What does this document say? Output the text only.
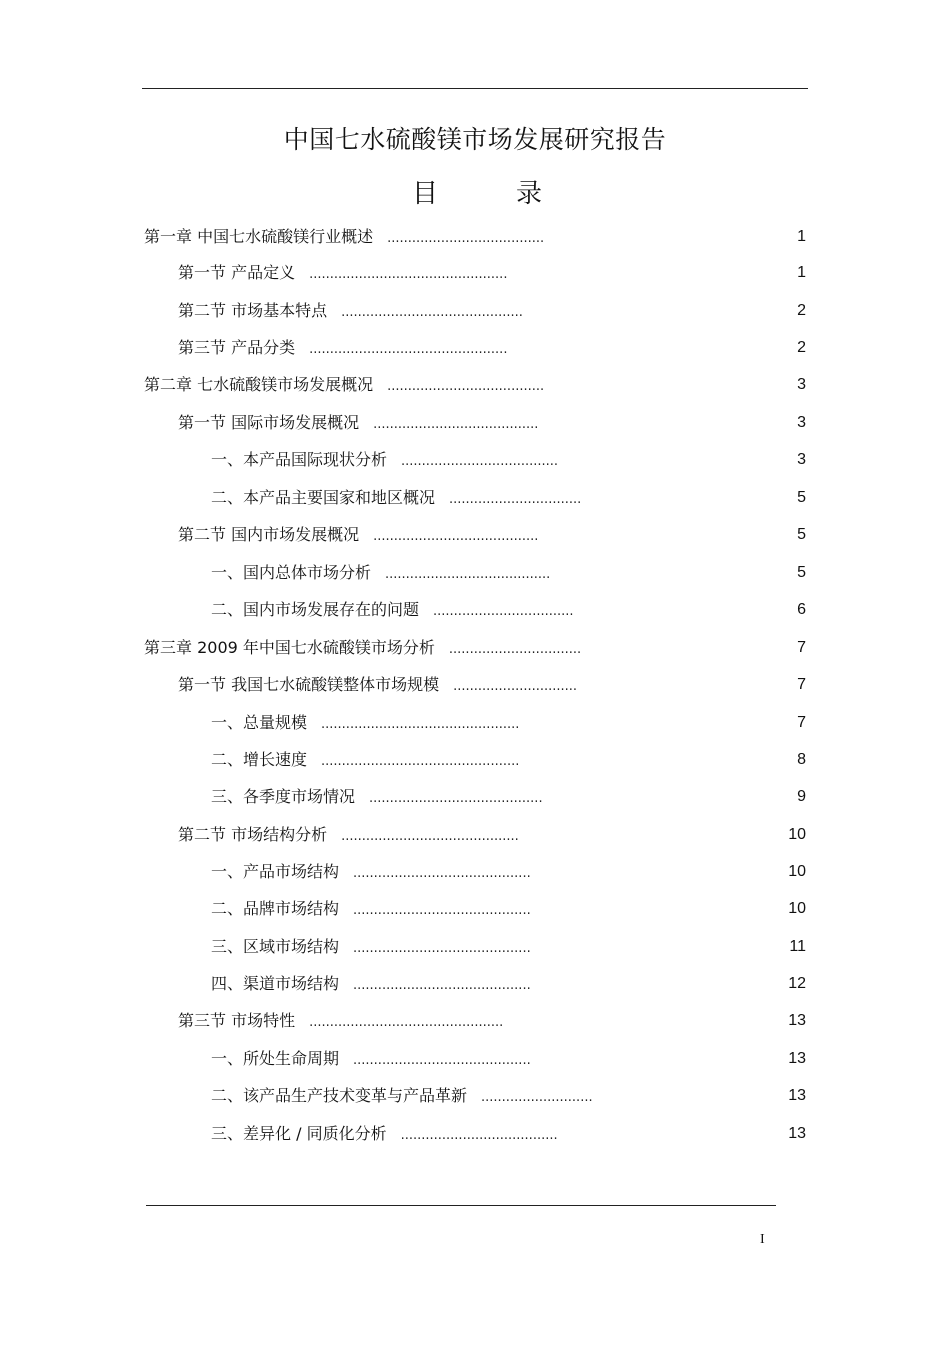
中国七水硫酸镁市场发展研究报告
目	录
第一章 中国七水硫酸镁行业概述 ......................................	1
第一节 产品定义 ................................................	1
第二节 市场基本特点 ............................................	2
第三节 产品分类 ................................................	2
第二章 七水硫酸镁市场发展概况 ......................................	3
第一节 国际市场发展概况 ........................................	3
一、本产品国际现状分析 ......................................	3
二、本产品主要国家和地区概况 ................................	5
第二节 国内市场发展概况 ........................................	5
一、国内总体市场分析 ........................................	5
二、国内市场发展存在的问题 ..................................	6
第三章 2009 年中国七水硫酸镁市场分析 ................................	7
第一节 我国七水硫酸镁整体市场规模 ..............................	7
一、总量规模 ................................................	7
二、增长速度 ................................................	8
三、各季度市场情况 ..........................................	9
第二节 市场结构分析 ...........................................	10
一、产品市场结构 ...........................................	10
二、品牌市场结构 ...........................................	10
三、区域市场结构 ...........................................	11
四、渠道市场结构 ...........................................	12
第三节 市场特性 ...............................................	13
一、所处生命周期 ...........................................	13
二、该产品生产技术变革与产品革新 ...........................	13
三、差异化 / 同质化分析 ......................................	13
I
